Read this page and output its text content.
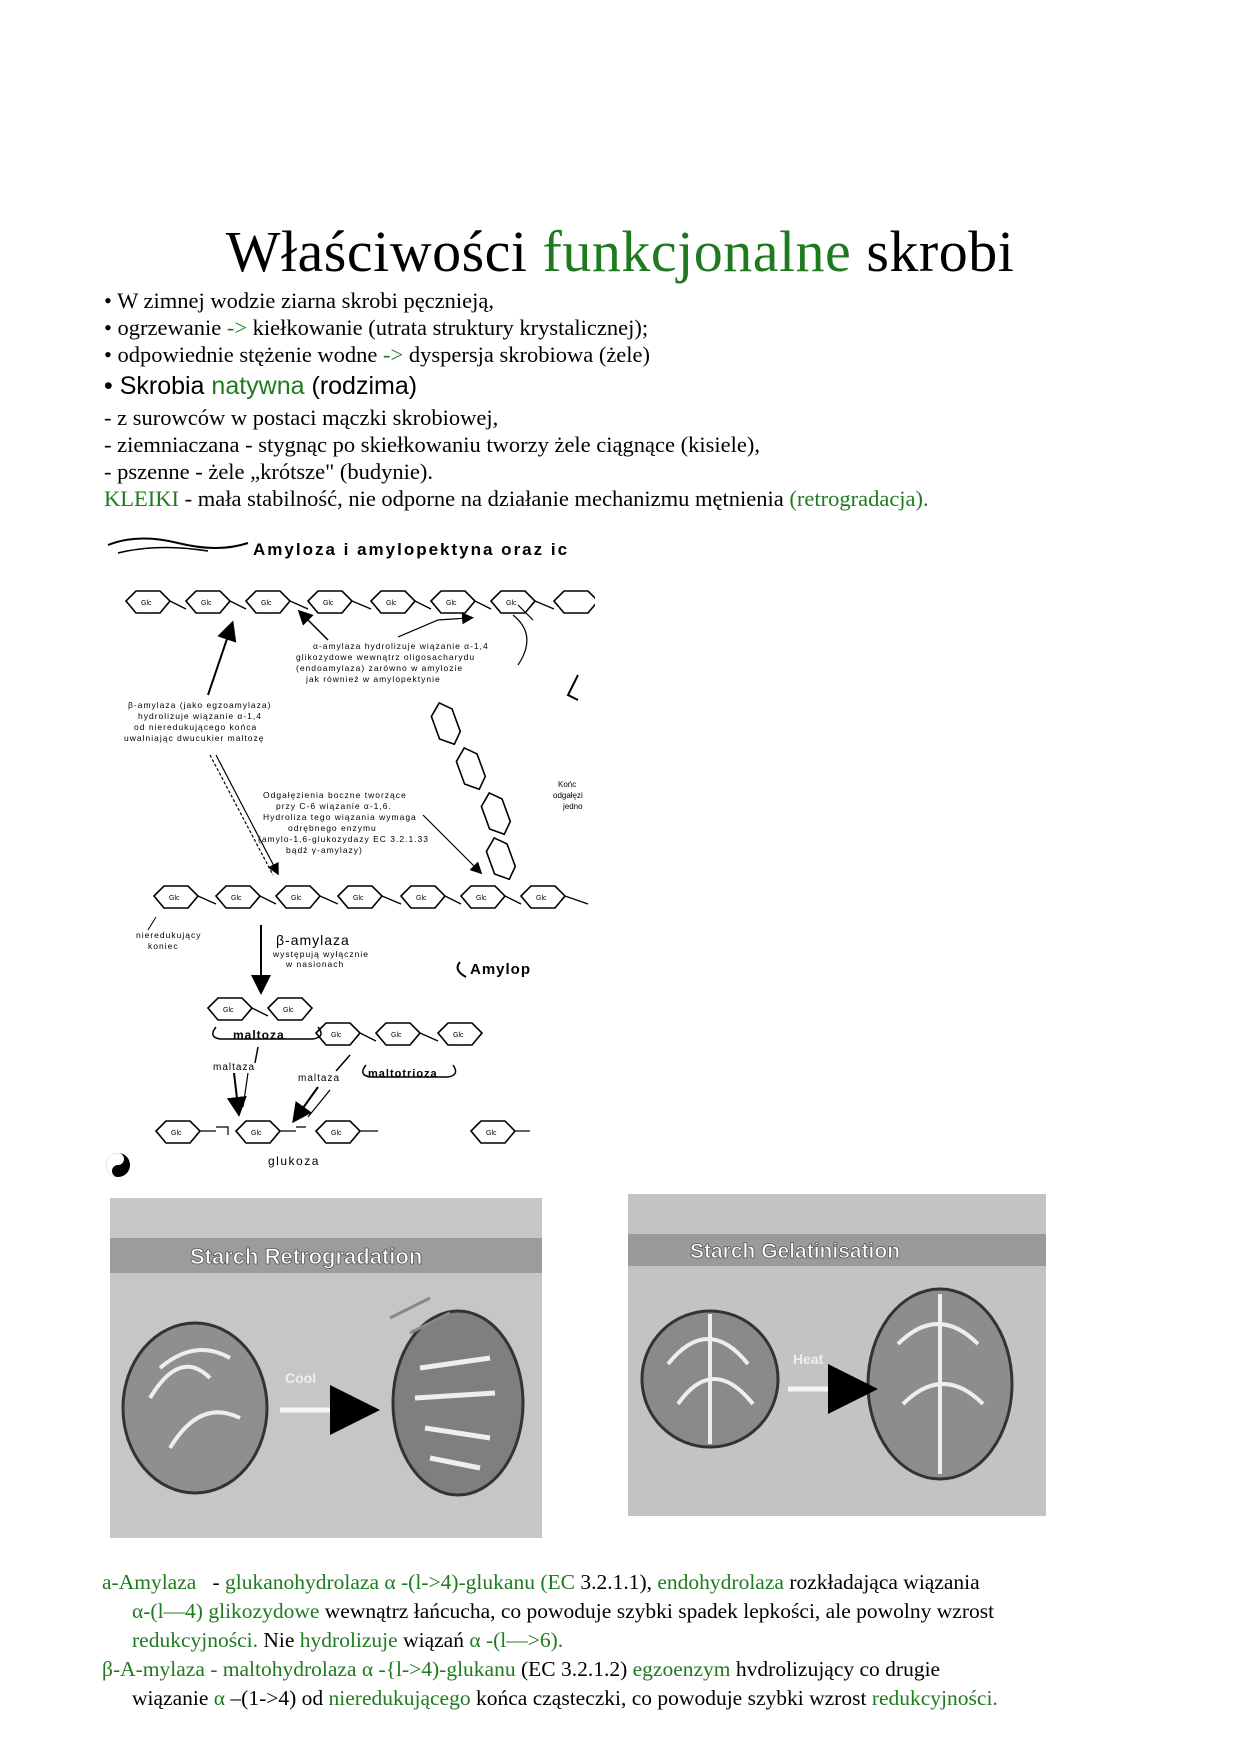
Właściwości funkcjonalne skrobi
• W zimnej wodzie ziarna skrobi pęcznieją,
• ogrzewanie -> kiełkowanie (utrata struktury krystalicznej);
• odpowiednie stężenie wodne -> dyspersja skrobiowa (żele)
• Skrobia natywna (rodzima)
- z surowców w postaci mączki skrobiowej,
- ziemniaczana - stygnąc po skiełkowaniu tworzy żele ciągnące (kisiele),
- pszenne - żele „krótsze" (budynie).
KLEIKI - mała stabilność, nie odporne na działanie mechanizmu mętnienia (retrogradacja).
Amyloza i amylopektyna oraz ic
Glc	Glc	Glc	Glc	Glc	Glc	Glc
α-amylaza hydrolizuje wiązanie α-1,4
glikozydowe wewnątrz oligosacharydu
(endoamylaza) zarówno w amylozie
jak również w amylopektynie
β-amylaza (jako egzoamylaza)
hydrolizuje wiązanie α-1,4
od nieredukującego końca
uwalniając dwucukier maltozę
Końc
odgałęzi
jedno
Odgałęzienia boczne tworzące
przy C-6 wiązanie α-1,6.
Hydroliza tego wiązania wymaga
odrębnego enzymu
(amylo-1,6-glukozydazy EC 3.2.1.33
bądź γ-amylazy)
Glc	Glc	Glc	Glc	Glc	Glc	Glc
nieredukujący
koniec	β-amylaza
występują wyłącznie
w nasionach	Amylop
Glc	Glc
maltoza
maltaza
Glc	Glc	Glc
maltotrioza
maltaza
Glc	Glc	Glc	Glc
glukoza
Starch Retrogradation
Cool
Starch Gelatinisation
Heat
a-Amylaza   - glukanohydrolaza α -(l->4)-glukanu (EC 3.2.1.1), endohydrolaza rozkładająca wiązania
α-(l—4) glikozydowe wewnątrz łańcucha, co powoduje szybki spadek lepkości, ale powolny wzrost
redukcyjności. Nie hydrolizuje wiązań α -(l—>6).
β-A-mylaza - maltohydrolaza α -{l->4)-glukanu (EC 3.2.1.2) egzoenzym hvdrolizujący co drugie
wiązanie α –(1->4) od nieredukującego końca cząsteczki, co powoduje szybki wzrost redukcyjności.
